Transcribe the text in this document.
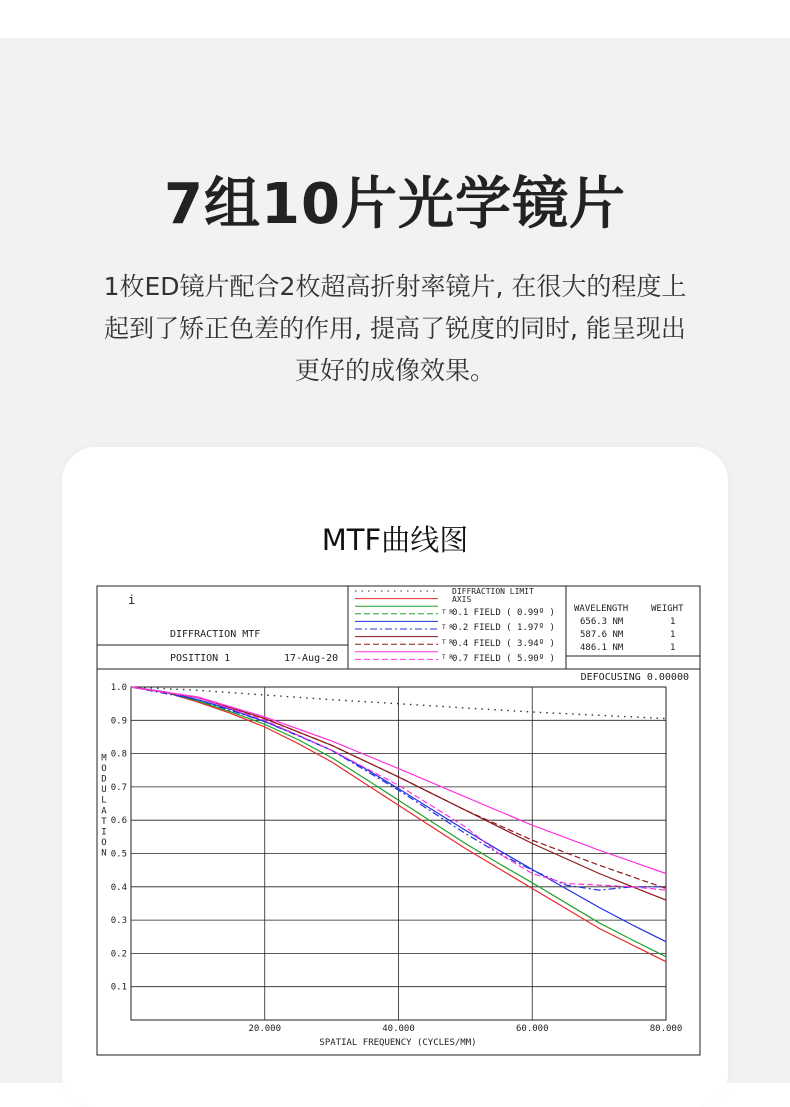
7组10片光学镜片
1枚ED镜片配合2枚超高折射率镜片, 在很大的程度上
起到了矫正色差的作用, 提高了锐度的同时, 能呈现出
更好的成像效果。
MTF曲线图
i
DIFFRACTION MTF
POSITION 1	17-Aug-20
DIFFRACTION LIMIT
AXIS
T R
T R
T R
T R
0.1 FIELD ( 0.99º )
0.2 FIELD ( 1.97º )
0.4 FIELD ( 3.94º )
0.7 FIELD ( 5.90º )
WAVELENGTH	WEIGHT
656.3 NM	1
587.6 NM	1
486.1 NM	1
DEFOCUSING 0.00000
SPATIAL FREQUENCY (CYCLES/MM)
M O D U L A T I O N
0.1
0.2
0.3
0.4
0.5
0.6
0.7
0.8
0.9
1.0
20.000	40.000	60.000	80.000
